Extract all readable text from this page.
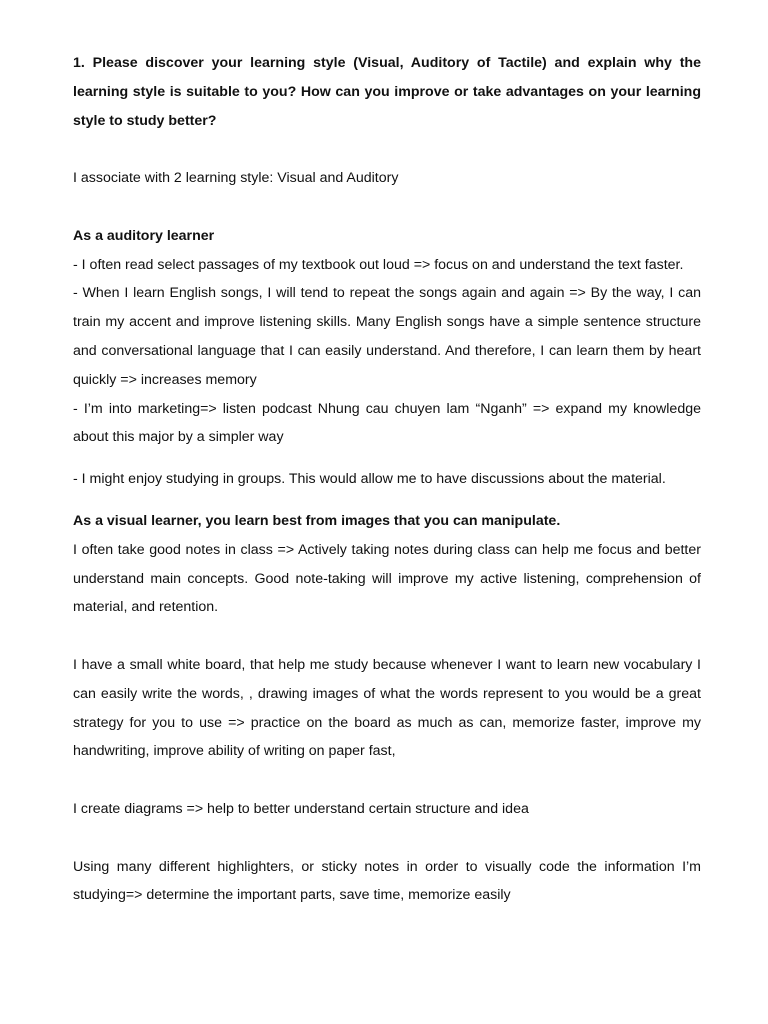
1. Please discover your learning style (Visual, Auditory of Tactile) and explain why the learning style is suitable to you? How can you improve or take advantages on your learning style to study better?

I associate with 2 learning style: Visual and Auditory

As a auditory learner

- I often read select passages of my textbook out loud => focus on and understand the text faster.

- When I learn English songs, I will tend to repeat the songs again and again => By the way, I can train my accent and improve listening skills. Many English songs have a simple sentence structure and conversational language that I can easily understand. And therefore, I can learn them by heart quickly => increases memory

- I’m into marketing=> listen podcast Nhung cau chuyen lam “Nganh” => expand my knowledge about this major by a simpler way

- I might enjoy studying in groups. This would allow me to have discussions about the material.

As a visual learner, you learn best from images that you can manipulate.

I often take good notes in class => Actively taking notes during class can help me focus and better understand main concepts. Good note-taking will improve my active listening, comprehension of material, and retention.

I have a small white board, that help me study because whenever I want to learn new vocabulary I can easily write the words, , drawing images of what the words represent to you would be a great strategy for you to use => practice on the board as much as can, memorize faster, improve my handwriting, improve ability of writing on paper fast,

I create diagrams => help to better understand certain structure and idea

Using many different highlighters, or sticky notes in order to visually code the information I’m studying=> determine the important parts, save time, memorize easily
